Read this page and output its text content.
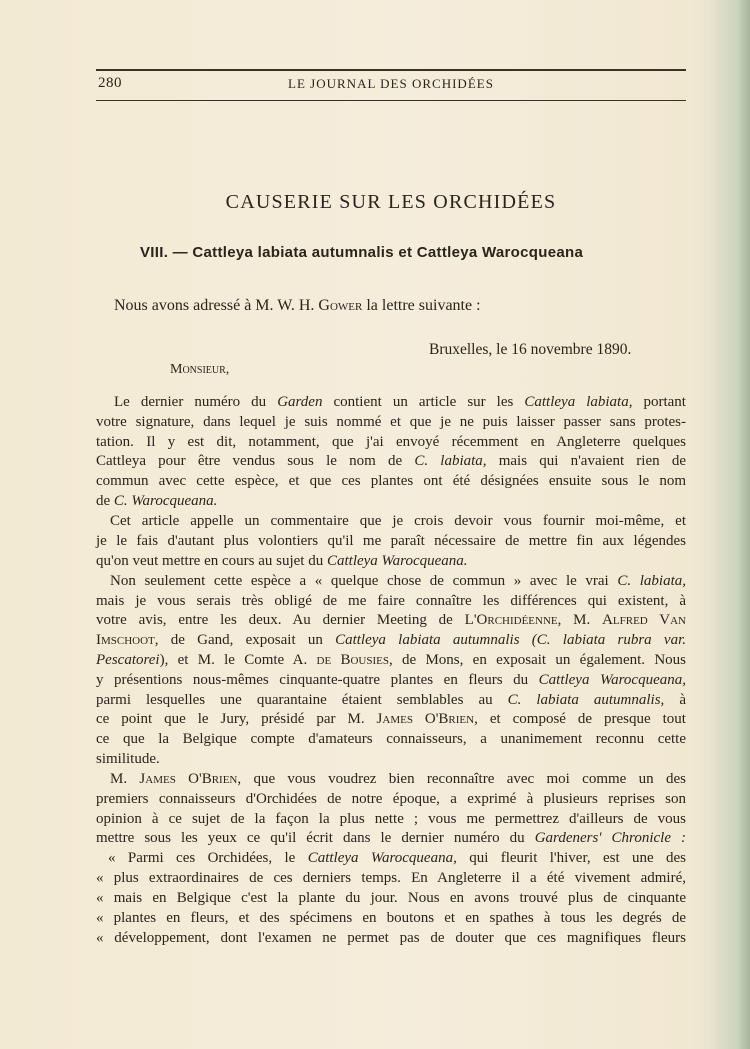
280	LE JOURNAL DES ORCHIDÉES
CAUSERIE SUR LES ORCHIDÉES
VIII. — Cattleya labiata autumnalis et Cattleya Warocqueana
Nous avons adressé à M. W. H. Gower la lettre suivante :
Bruxelles, le 16 novembre 1890.
Monsieur,
Le dernier numéro du Garden contient un article sur les Cattleya labiata, portant
votre signature, dans lequel je suis nommé et que je ne puis laisser passer sans protes-
tation. Il y est dit, notamment, que j'ai envoyé récemment en Angleterre quelques
Cattleya pour être vendus sous le nom de C. labiata, mais qui n'avaient rien de
commun avec cette espèce, et que ces plantes ont été désignées ensuite sous le nom
de C. Warocqueana.
Cet article appelle un commentaire que je crois devoir vous fournir moi-même, et
je le fais d'autant plus volontiers qu'il me paraît nécessaire de mettre fin aux légendes
qu'on veut mettre en cours au sujet du Cattleya Warocqueana.
Non seulement cette espèce a « quelque chose de commun » avec le vrai C. labiata,
mais je vous serais très obligé de me faire connaître les différences qui existent, à
votre avis, entre les deux. Au dernier Meeting de L'Orchidéenne, M. Alfred Van
Imschoot, de Gand, exposait un Cattleya labiata autumnalis (C. labiata rubra var.
Pescatorei), et M. le Comte A. de Bousies, de Mons, en exposait un également. Nous
y présentions nous-mêmes cinquante-quatre plantes en fleurs du Cattleya Warocqueana,
parmi lesquelles une quarantaine étaient semblables au C. labiata autumnalis, à
ce point que le Jury, présidé par M. James O'Brien, et composé de presque tout
ce que la Belgique compte d'amateurs connaisseurs, a unanimement reconnu cette
similitude.
M. James O'Brien, que vous voudrez bien reconnaître avec moi comme un des
premiers connaisseurs d'Orchidées de notre époque, a exprimé à plusieurs reprises son
opinion à ce sujet de la façon la plus nette ; vous me permettrez d'ailleurs de vous
mettre sous les yeux ce qu'il écrit dans le dernier numéro du Gardeners' Chronicle :
« Parmi ces Orchidées, le Cattleya Warocqueana, qui fleurit l'hiver, est une des
« plus extraordinaires de ces derniers temps. En Angleterre il a été vivement admiré,
« mais en Belgique c'est la plante du jour. Nous en avons trouvé plus de cinquante
« plantes en fleurs, et des spécimens en boutons et en spathes à tous les degrés de
« développement, dont l'examen ne permet pas de douter que ces magnifiques fleurs
